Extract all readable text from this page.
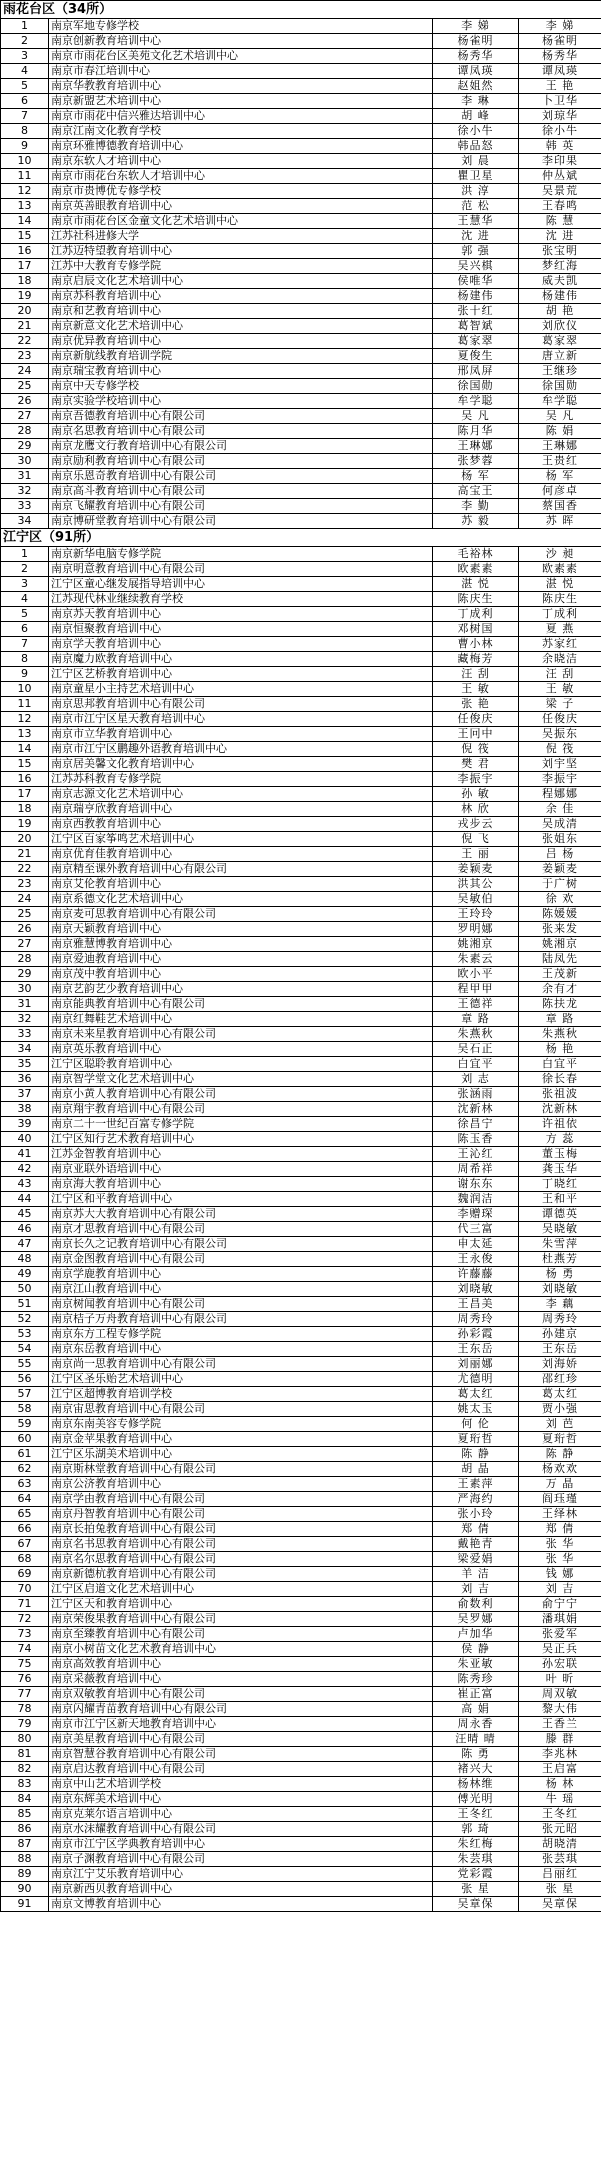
雨花台区（34所）			
1	南京军地专修学校	李 娣	李 娣
2	南京创新教育培训中心	杨雀明	杨雀明
3	南京市雨花台区美苑文化艺术培训中心	杨秀华	杨秀华
4	南京市春江培训中心	谭凤瑛	谭凤瑛
5	南京华教教育培训中心	赵姐然	王 艳
6	南京新盟艺术培训中心	李 琳	卜卫华
7	南京市雨花中信兴雅达培训中心	胡 峰	刘琼华
8	南京江南文化教育学校	徐小牛	徐小牛
9	南京环雅博德教育培训中心	韩品怒	韩 英
10	南京东软人才培训中心	刘 晨	李印果
11	南京市雨花台东软人才培训中心	瞿卫星	仲丛斌
12	南京市贵博优专修学校	洪 淳	吴景荒
13	南京英善眼教育培训中心	范 松	王春鸣
14	南京市雨花台区金童文化艺术培训中心	王慧华	陈 慧
15	江苏社科进修大学	沈 进	沈 进
16	江苏迈特望教育培训中心	郭 强	张宝明
17	江苏中大教育专修学院	吴兴棋	梦红海
18	南京启辰文化艺术培训中心	侯唯华	威夫凯
19	南京苏科教育培训中心	杨建伟	杨建伟
20	南京和艺教育培训中心	张十红	胡 艳
21	南京新意文化艺术培训中心	葛智斌	刘欣仪
22	南京优异教育培训中心	葛家翠	葛家翠
23	南京新航线教育培训学院	夏俊生	唐立新
24	南京瑞宝教育培训中心	邢凤屏	王继珍
25	南京中天专修学校	徐国勋	徐国勋
26	南京实验学校培训中心	牟学聪	牟学聪
27	南京吾德教育培训中心有限公司	吴 凡	吴 凡
28	南京名思教育培训中心有限公司	陈月华	陈 娟
29	南京龙鹰文行教育培训中心有限公司	王琳娜	王琳娜
30	南京励利教育培训中心有限公司	张梦蓉	王贵红
31	南京乐恩奇教育培训中心有限公司	杨 军	杨 军
32	南京高斗教育培训中心有限公司	高宝王	何彦卓
33	南京飞耀教育培训中心有限公司	李 勤	蔡国香
34	南京博研堂教育培训中心有限公司	苏 毅	苏 晖
江宁区（91所）			
1	南京新华电脑专修学院	毛裕林	沙 昶
2	南京明意教育培训中心有限公司	欧素素	欧素素
3	江宁区童心继发展指导培训中心	湛 悦	湛 悦
4	江苏现代林业继续教育学校	陈庆生	陈庆生
5	南京苏天教育培训中心	丁成利	丁成利
6	南京恒聚教育培训中心	邓树国	夏 燕
7	南京学天教育培训中心	曹小林	苏家红
8	南京魔力欧教育培训中心	藏梅芳	余晓洁
9	江宁区艺桥教育培训中心	汪 刮	汪 刮
10	南京童星小主持艺术培训中心	王 敏	王 敏
11	南京思邦教育培训中心有限公司	张 艳	梁 子
12	南京市江宁区星天教育培训中心	任俊庆	任俊庆
13	南京市立华教育培训中心	王冋中	吴振东
14	南京市江宁区鹏趣外语教育培训中心	倪 筏	倪 筏
15	南京居美馨文化教育培训中心	樊 君	刘宇坚
16	江苏苏科教育专修学院	李振宇	李振宇
17	南京志源文化艺术培训中心	孙 敏	程娜娜
18	南京瑞亨欣教育培训中心	林 欣	余 佳
19	南京西教教育培训中心	戎步云	吴成清
20	江宁区百家筝鸣艺术培训中心	倪 飞	张姐东
21	南京优育佳教育培训中心	王 丽	吕 杨
22	南京精至课外教育培训中心有限公司	姜颖麦	姜颖麦
23	南京艾伦教育培训中心	洪其公	于广树
24	南京系德文化艺术培训中心	吴敏伯	徐 欢
25	南京麦可思教育培训中心有限公司	王玲玲	陈媛媛
26	南京天颖教育培训中心	罗明娜	张来发
27	南京雅慧博教育培训中心	姚湘京	姚湘京
28	南京爱迪教育培训中心	朱素云	陆凤先
29	南京茂中教育培训中心	欧小平	王茂新
30	南京艺韵艺少教育培训中心	程甲甲	余有才
31	南京能典教育培训中心有限公司	王德祥	陈扶龙
32	南京红舞鞋艺术培训中心	章 路	章 路
33	南京未来星教育培训中心有限公司	朱燕秋	朱燕秋
34	南京英乐教育培训中心	吴石正	杨 艳
35	江宁区聪聆教育培训中心	白宜平	白宜平
36	南京智学堂文化艺术培训中心	刘 志	徐长春
37	南京小黄人教育培训中心有限公司	张涵雨	张祖波
38	南京翔宇教育培训中心有限公司	沈新林	沈新林
39	南京二十一世纪百富专修学院	徐昌宁	许祖依
40	江宁区知行艺术教育培训中心	陈玉香	方 蕊
41	江苏金智教育培训中心	王沁红	董玉梅
42	南京亚联外语培训中心	周希祥	龚玉华
43	南京海大教育培训中心	谢东东	丁晓红
44	江宁区和平教育培训中心	魏润洁	王和平
45	南京苏大大教育培训中心有限公司	李赠琛	谭德英
46	南京才思教育培训中心有限公司	代三富	吴晓敏
47	南京长久之记教育培训中心有限公司	申太延	朱雪萍
48	南京金图教育培训中心有限公司	王永俊	杜燕芳
49	南京学鹿教育培训中心	许藤藤	杨 勇
50	南京江山教育培训中心	刘晓敏	刘晓敏
51	南京树闻教育培训中心有限公司	王昌美	李 藕
52	南京桔子万舟教育培训中心有限公司	周秀玲	周秀玲
53	南京东方工程专修学院	孙彩霞	孙建京
54	南京东岳教育培训中心	王东岳	王东岳
55	南京尚一思教育培训中心有限公司	刘丽娜	刘海娇
56	江宁区圣乐贻艺术培训中心	尤德明	邵红珍
57	江宁区超博教育培训学校	葛太红	葛太红
58	南京宙思教育培训中心有限公司	姚太玉	贾小强
59	南京东南美容专修学院	何 伦	刘 芭
60	南京金苹果教育培训中心	夏珩哲	夏珩哲
61	江宁区乐湖美术培训中心	陈 静	陈 静
62	南京斯林堂教育培训中心有限公司	胡 晶	杨欢欢
63	南京公济教育培训中心	王素萍	万 晶
64	南京学由教育培训中心有限公司	严海约	阎珏瑾
65	南京丹智教育培训中心有限公司	张小玲	王绎林
66	南京长拍兔教育培训中心有限公司	郑 倩	郑 倩
67	南京名书思教育培训中心有限公司	戴艳青	张 华
68	南京名尔思教育培训中心有限公司	梁爱娟	张 华
69	南京新德杭教育培训中心有限公司	羊 洁	钱 娜
70	江宁区启道文化艺术培训中心	刘 吉	刘 吉
71	江宁区天和教育培训中心	俞数利	俞宁宁
72	南京荣俊果教育培训中心有限公司	吴罗娜	潘琪娟
73	南京至臻教育培训中心有限公司	卢加华	张爱军
74	南京小树苗文化艺术教育培训中心	侯 静	吴正兵
75	南京高效教育培训中心	朱亚敏	孙宏联
76	南京采薇教育培训中心	陈秀珍	叶 昕
77	南京双敏教育培训中心有限公司	崔正富	周双敏
78	南京闪耀青苗教育培训中心有限公司	高 娟	黎大伟
79	南京市江宁区新天地教育培训中心	周永香	王香兰
80	南京美星教育培训中心有限公司	汪晴 晴	滕 群
81	南京智慧谷教育培训中心有限公司	陈 勇	李兆林
82	南京启达教育培训中心有限公司	褚兴大	王启富
83	南京中山艺术培训学校	杨林维	杨 林
84	南京东辉美术培训中心	傅光明	牛 瑶
85	南京克莱尔语言培训中心	王冬红	王冬红
86	南京水沫耀教育培训中心有限公司	郭 琦	张元昭
87	南京市江宁区学典教育培训中心	朱红梅	胡晓清
88	南京子渊教育培训中心有限公司	朱芸琪	张芸琪
89	南京江宁艾乐教育培训中心	党彩霞	吕丽红
90	南京新西贝教育培训中心	张 星	张 星
91	南京文博教育培训中心	吴章保	吴章保
